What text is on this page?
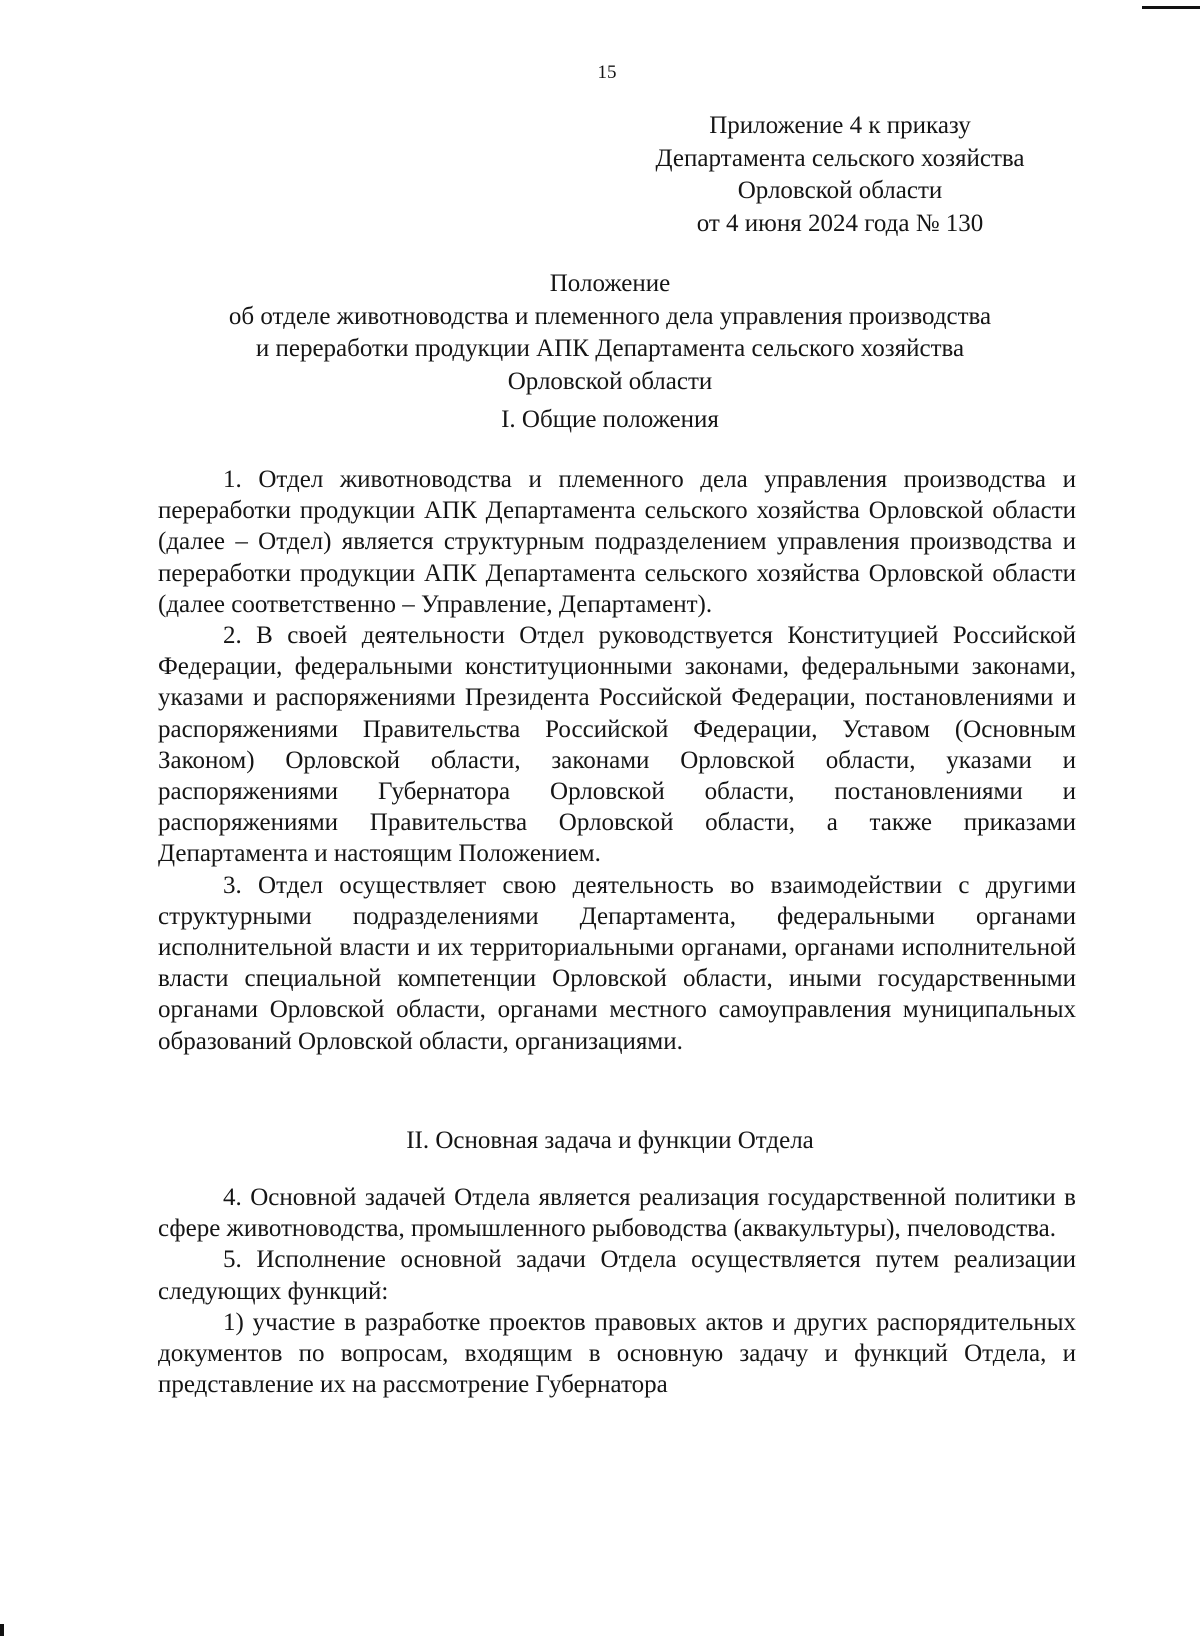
15
Приложение 4 к приказу
Департамента сельского хозяйства
Орловской области
от 4 июня 2024 года № 130
Положение
об отделе животноводства и племенного дела управления производства
и переработки продукции АПК Департамента сельского хозяйства
Орловской области
I. Общие положения

1. Отдел животноводства и племенного дела управления производства и переработки продукции АПК Департамента сельского хозяйства Орловской области (далее – Отдел) является структурным подразделением управления производства и переработки продукции АПК Департамента сельского хозяйства Орловской области (далее соответственно – Управление, Департамент).

2. В своей деятельности Отдел руководствуется Конституцией Российской Федерации, федеральными конституционными законами, федеральными законами, указами и распоряжениями Президента Российской Федерации, постановлениями и распоряжениями Правительства Российской Федерации, Уставом (Основным Законом) Орловской области, законами Орловской области, указами и распоряжениями Губернатора Орловской области, постановлениями и распоряжениями Правительства Орловской области, а также приказами Департамента и настоящим Положением.

3. Отдел осуществляет свою деятельность во взаимодействии с другими структурными подразделениями Департамента, федеральными органами исполнительной власти и их территориальными органами, органами исполнительной власти специальной компетенции Орловской области, иными государственными органами Орловской области, органами местного самоуправления муниципальных образований Орловской области, организациями.

II. Основная задача и функции Отдела

4. Основной задачей Отдела является реализация государственной политики в сфере животноводства, промышленного рыбоводства (аквакультуры), пчеловодства.

5. Исполнение основной задачи Отдела осуществляется путем реализации следующих функций:

1) участие в разработке проектов правовых актов и других распорядительных документов по вопросам, входящим в основную задачу и функций Отдела, и представление их на рассмотрение Губернатора
